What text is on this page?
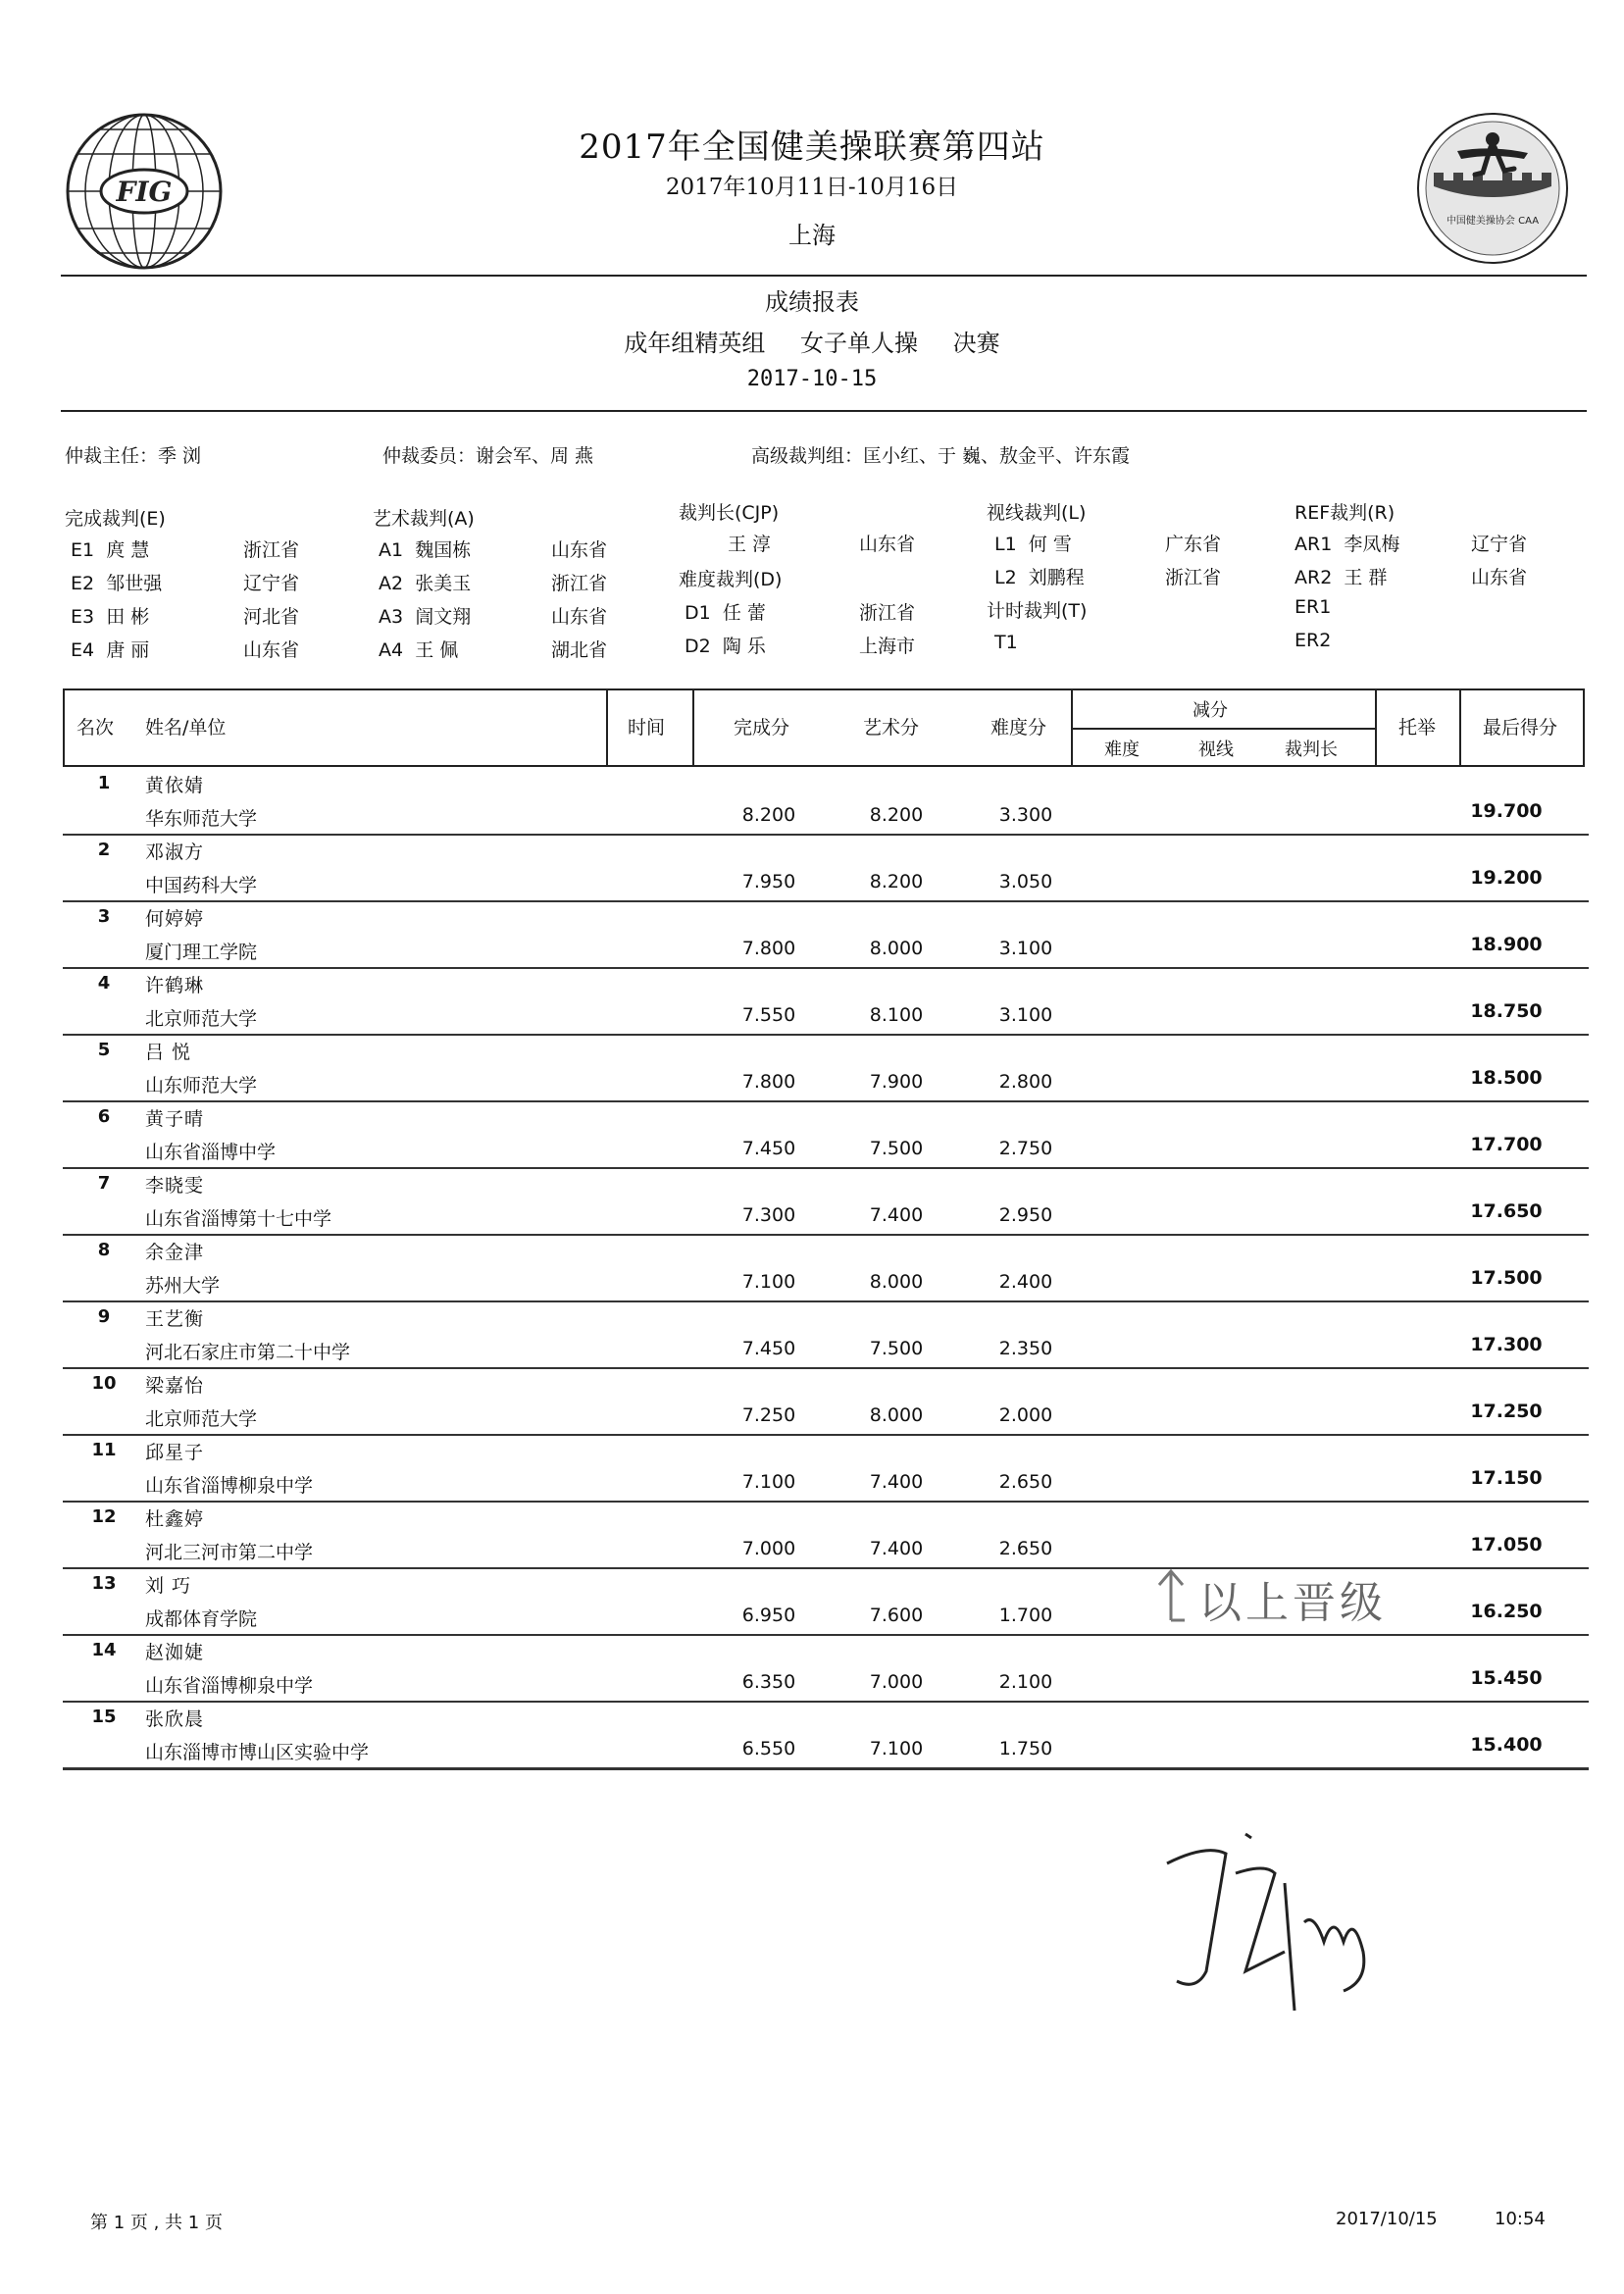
FIG
中国健美操协会 CAA
2017年全国健美操联赛第四站
2017年10月11日-10月16日
上海
成绩报表
成年组精英组 女子单人操 决赛
2017-10-15
仲裁主任：季 浏	仲裁委员：谢会军、周 燕	高级裁判组：匡小红、于 巍、敖金平、许东霞
完成裁判(E)
E1 庹 慧	浙江省
E2 邹世强	辽宁省
E3 田 彬	河北省
E4 唐 丽	山东省
艺术裁判(A)
A1 魏国栋	山东省
A2 张美玉	浙江省
A3 訚文翔	山东省
A4 王 佩	湖北省
裁判长(CJP)
王 淳	山东省
难度裁判(D)
D1 任 蕾	浙江省
D2 陶 乐	上海市
视线裁判(L)
L1 何 雪	广东省
L2 刘鹏程	浙江省
计时裁判(T)
T1
REF裁判(R)
AR1 李凤梅	辽宁省
AR2 王 群	山东省
ER1
ER2
名次 姓名/单位	时间	完成分	艺术分	难度分
减分
难度	视线	裁判长
托举	最后得分
1	黄依婧
华东师范大学	8.200	8.200	3.300	19.700
2	邓淑方
中国药科大学	7.950	8.200	3.050	19.200
3	何婷婷
厦门理工学院	7.800	8.000	3.100	18.900
4	许鹤琳
北京师范大学	7.550	8.100	3.100	18.750
5	吕 悦
山东师范大学	7.800	7.900	2.800	18.500
6	黄子晴
山东省淄博中学	7.450	7.500	2.750	17.700
7	李晓雯
山东省淄博第十七中学	7.300	7.400	2.950	17.650
8	余金津
苏州大学	7.100	8.000	2.400	17.500
9	王艺衡
河北石家庄市第二十中学	7.450	7.500	2.350	17.300
10	梁嘉怡
北京师范大学	7.250	8.000	2.000	17.250
11	邱星子
山东省淄博柳泉中学	7.100	7.400	2.650	17.150
12	杜鑫婷
河北三河市第二中学	7.000	7.400	2.650	17.050
13	刘 巧
成都体育学院	6.950	7.600	1.700	16.250
14	赵洳婕
山东省淄博柳泉中学	6.350	7.000	2.100	15.450
15	张欣晨
山东淄博市博山区实验中学	6.550	7.100	1.750	15.400
以上晋级
第 1 页 , 共 1 页	2017/10/15	10:54
